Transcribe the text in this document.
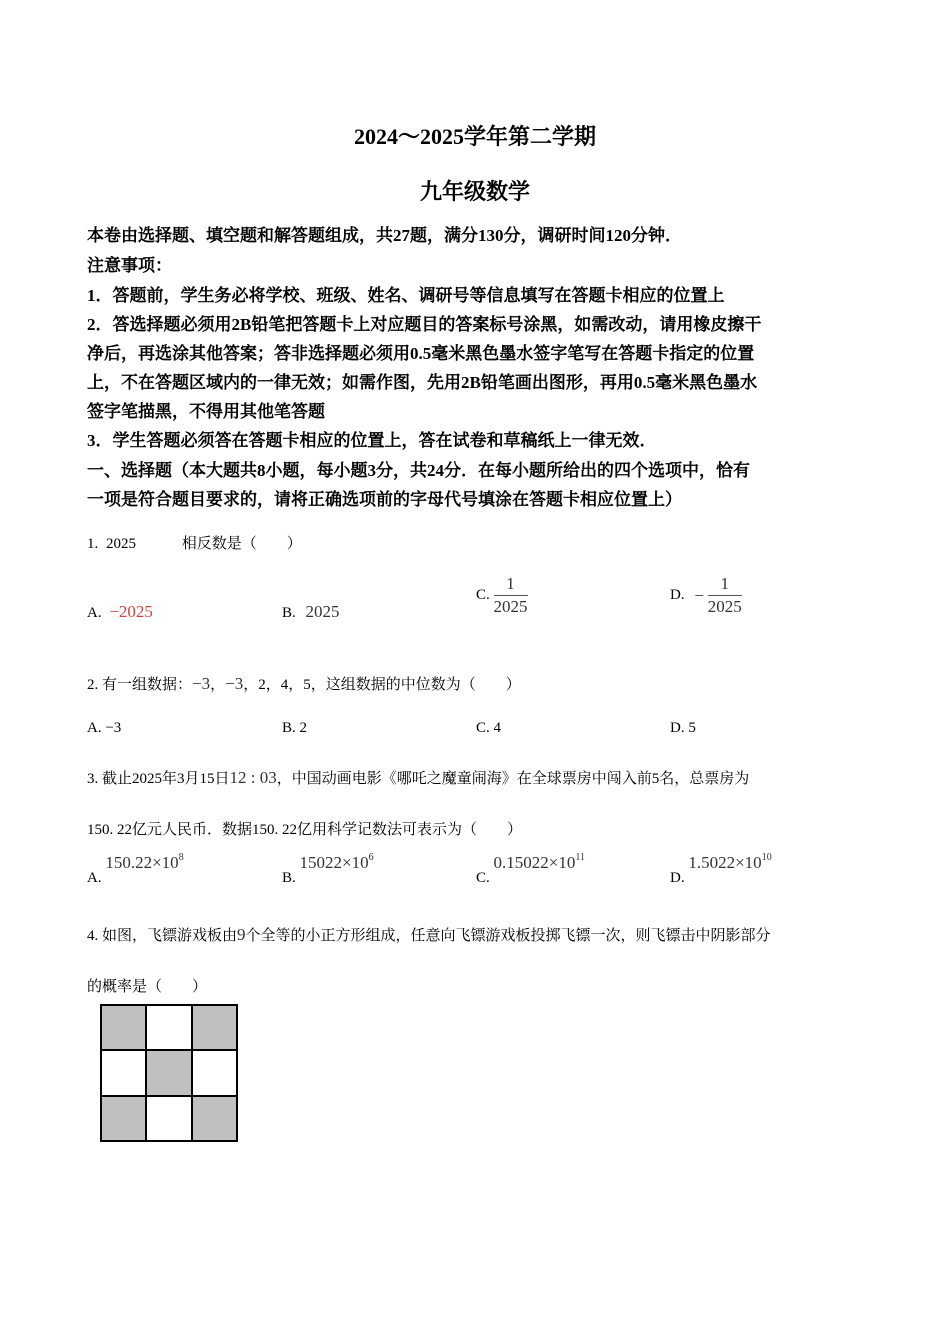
2024～2025学年第二学期
九年级数学
本卷由选择题、填空题和解答题组成，共27题，满分130分，调研时间120分钟．
注意事项：
1．答题前，学生务必将学校、班级、姓名、调研号等信息填写在答题卡相应的位置上
2．答选择题必须用2B铅笔把答题卡上对应题目的答案标号涂黑，如需改动，请用橡皮擦干
净后，再选涂其他答案；答非选择题必须用0.5毫米黑色墨水签字笔写在答题卡指定的位置
上，不在答题区域内的一律无效；如需作图，先用2B铅笔画出图形，再用0.5毫米黑色墨水
签字笔描黑，不得用其他笔答题
3．学生答题必须答在答题卡相应的位置上，答在试卷和草稿纸上一律无效．
一、选择题（本大题共8小题，每小题3分，共24分．在每小题所给出的四个选项中，恰有
一项是符合题目要求的，请将正确选项前的字母代号填涂在答题卡相应位置上）
1. 2025	相反数是（　　）
A. −2025	B. 2025
C. $\frac{1}{2025}$	D. − $\frac{1}{2025}$
2. 有一组数据：−3，−3，2，4，5，这组数据的中位数为（　　）
A. −3	B. 2	C. 4	D. 5
3. 截止2025年3月15日12 : 03，中国动画电影《哪吒之魔童闹海》在全球票房中闯入前5名，总票房为
150. 22亿元人民币．数据150. 22亿用科学记数法可表示为（　　）
A. $150.22\times 10^8$
B. $15022\times 10^6$
C. $0.15022\times 10^{11}$
D. $1.5022\times 10^{10}$
4. 如图，飞镖游戏板由9个全等的小正方形组成，任意向飞镖游戏板投掷飞镖一次，则飞镖击中阴影部分
的概率是（　　）
